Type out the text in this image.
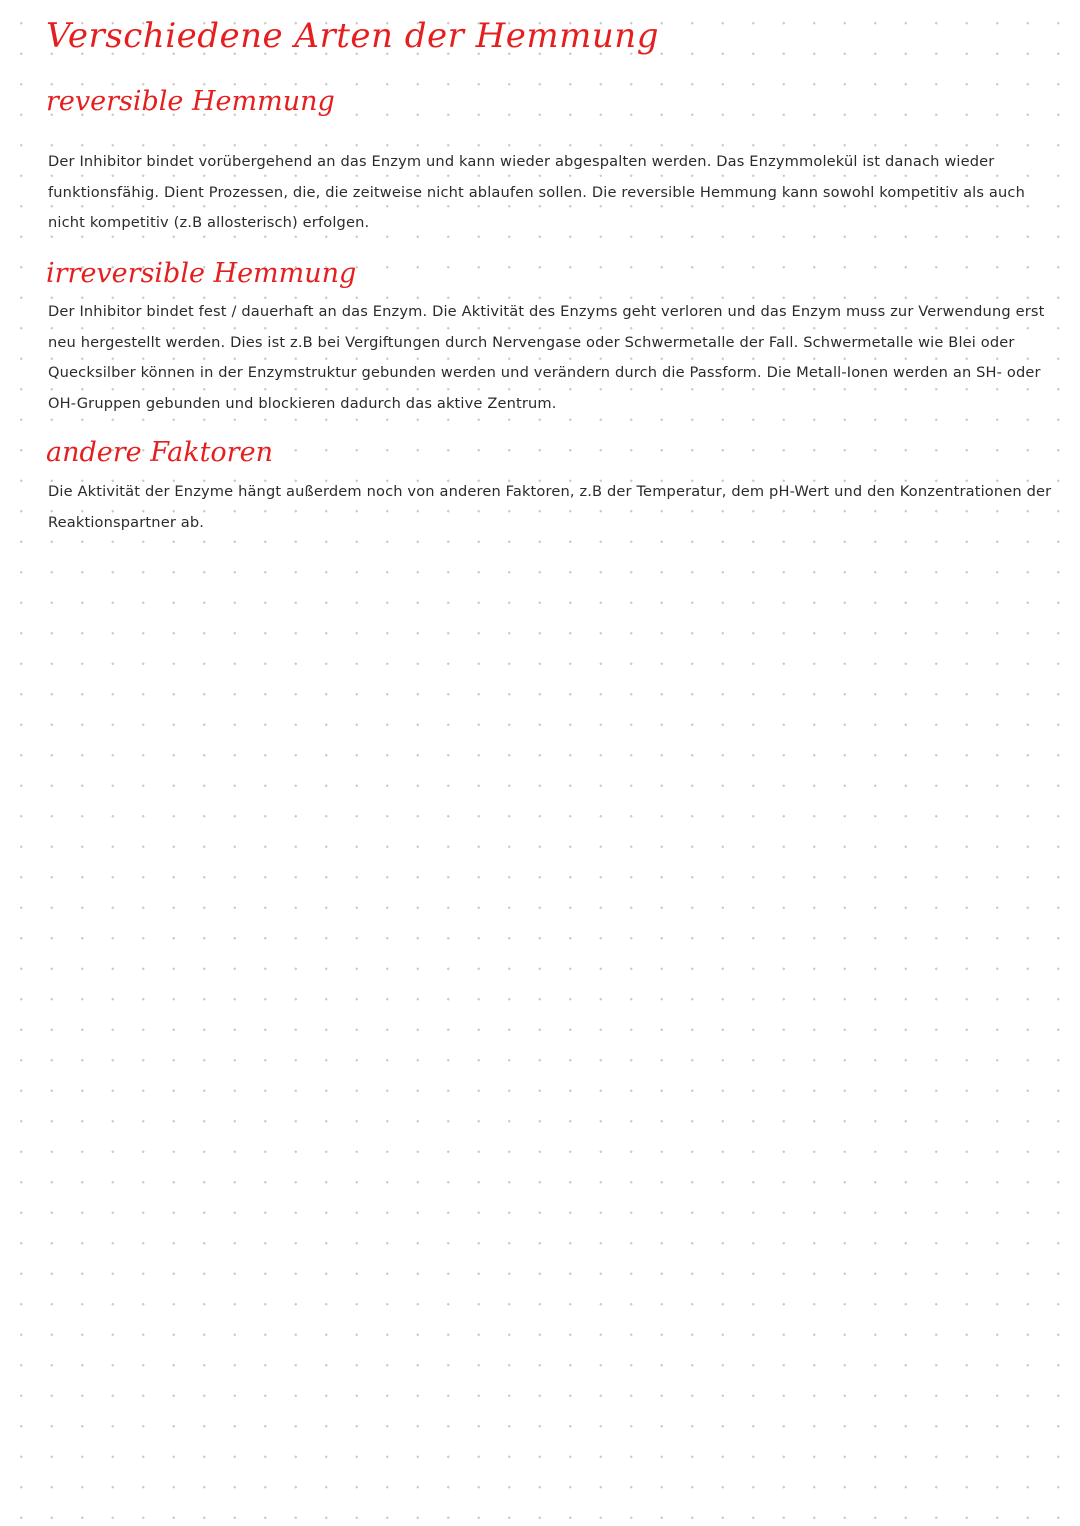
Verschiedene Arten der Hemmung
reversible Hemmung

Der Inhibitor bindet vorübergehend an das Enzym und kann wieder abgespalten werden. Das Enzymmolekül ist danach wieder funktionsfähig. Dient Prozessen, die, die zeitweise nicht ablaufen sollen. Die reversible Hemmung kann sowohl kompetitiv als auch nicht kompetitiv (z.B allosterisch) erfolgen.

irreversible Hemmung

Der Inhibitor bindet fest / dauerhaft an das Enzym. Die Aktivität des Enzyms geht verloren und das Enzym muss zur Verwendung erst neu hergestellt werden. Dies ist z.B bei Vergiftungen durch Nervengase oder Schwermetalle der Fall. Schwermetalle wie Blei oder Quecksilber können in der Enzymstruktur gebunden werden und verändern durch die Passform. Die Metall-Ionen werden an SH- oder OH-Gruppen gebunden und blockieren dadurch das aktive Zentrum.

andere Faktoren

Die Aktivität der Enzyme hängt außerdem noch von anderen Faktoren, z.B der Temperatur, dem pH-Wert und den Konzentrationen der Reaktionspartner ab.
